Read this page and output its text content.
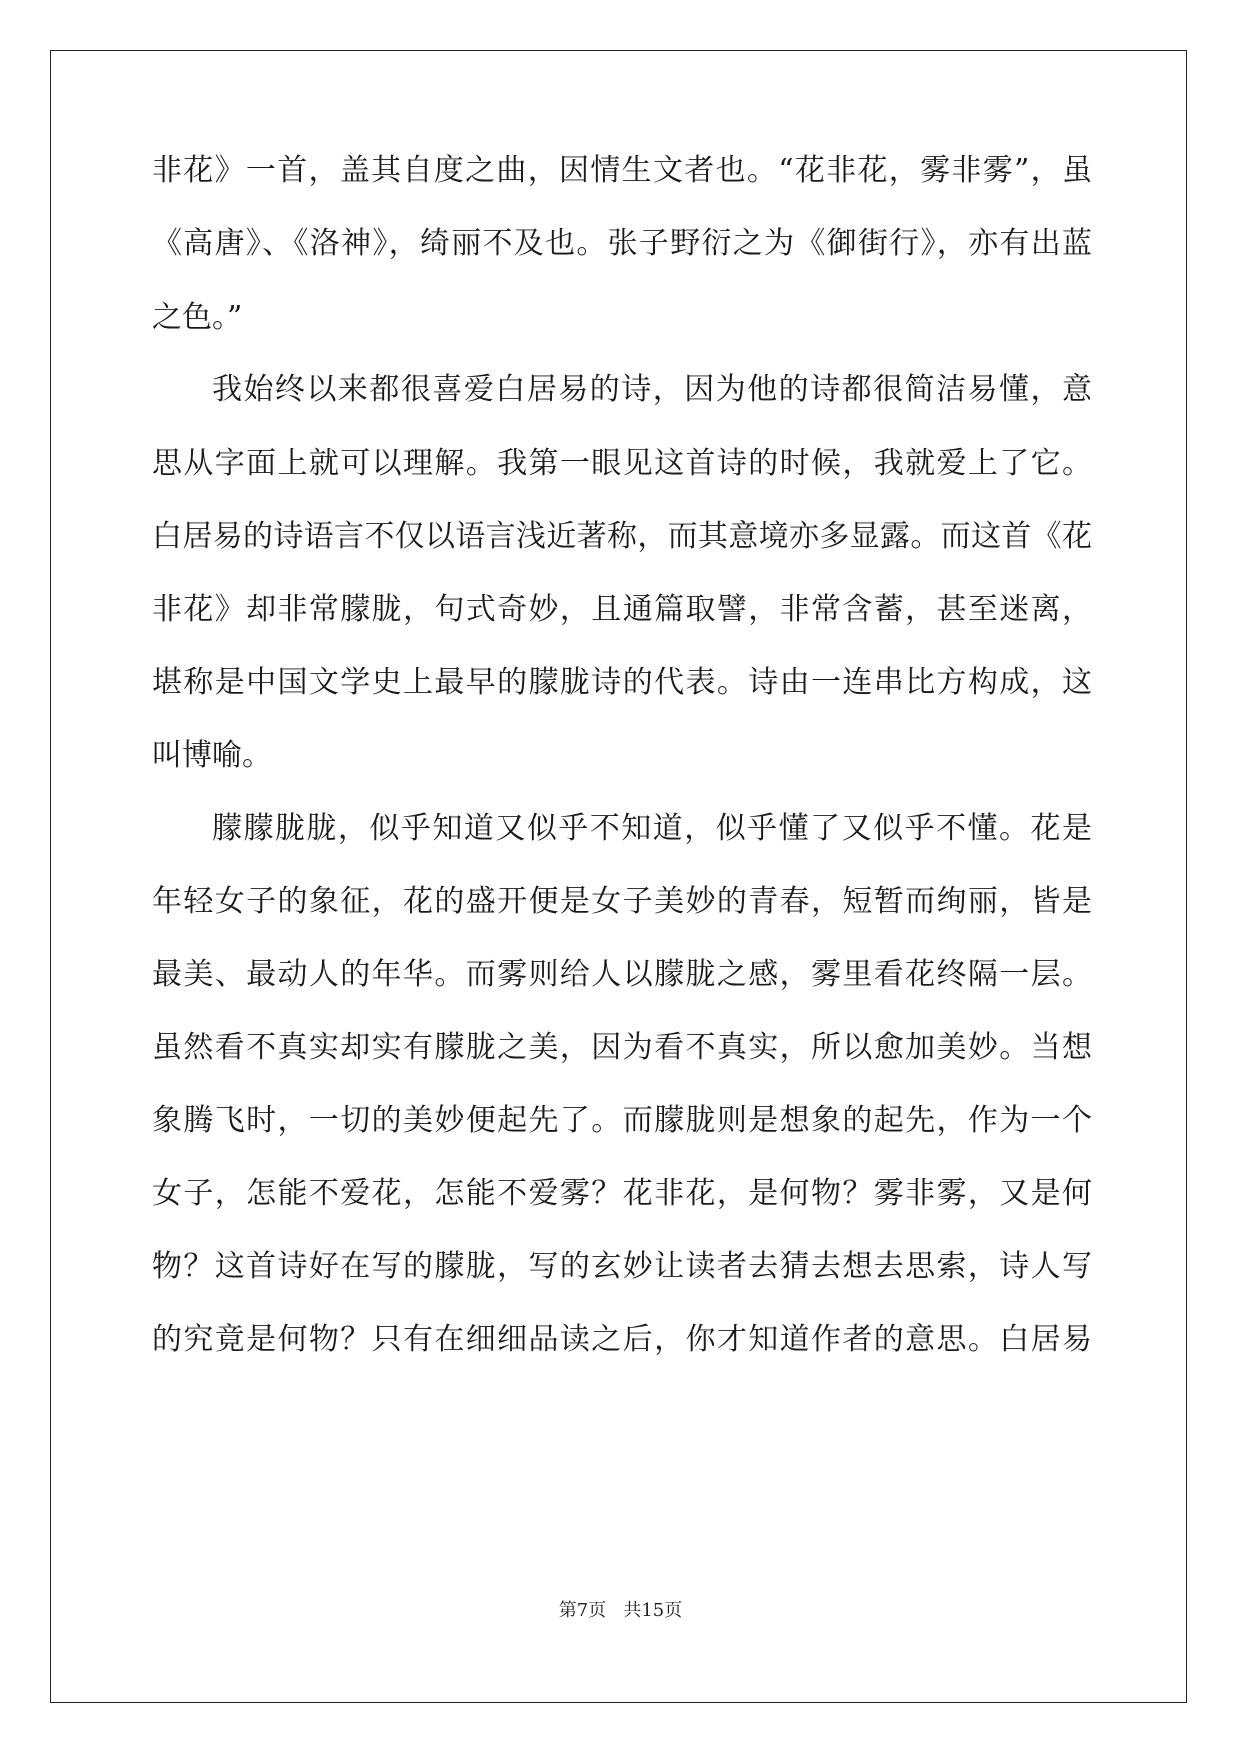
非花》一首，盖其自度之曲，因情生文者也。“花非花，雾非雾”，虽
《高唐》、《洛神》，绮丽不及也。张子野衍之为《御街行》，亦有出蓝
之色。”
我始终以来都很喜爱白居易的诗，因为他的诗都很简洁易懂，意
思从字面上就可以理解。我第一眼见这首诗的时候，我就爱上了它。
白居易的诗语言不仅以语言浅近著称，而其意境亦多显露。而这首《花
非花》却非常朦胧，句式奇妙，且通篇取譬，非常含蓄，甚至迷离，
堪称是中国文学史上最早的朦胧诗的代表。诗由一连串比方构成，这
叫博喻。
朦朦胧胧，似乎知道又似乎不知道，似乎懂了又似乎不懂。花是
年轻女子的象征，花的盛开便是女子美妙的青春，短暂而绚丽，皆是
最美、最动人的年华。而雾则给人以朦胧之感，雾里看花终隔一层。
虽然看不真实却实有朦胧之美，因为看不真实，所以愈加美妙。当想
象腾飞时，一切的美妙便起先了。而朦胧则是想象的起先，作为一个
女子，怎能不爱花，怎能不爱雾？花非花，是何物？雾非雾，又是何
物？这首诗好在写的朦胧，写的玄妙让读者去猜去想去思索，诗人写
的究竟是何物？只有在细细品读之后，你才知道作者的意思。白居易
第7页   共15页
